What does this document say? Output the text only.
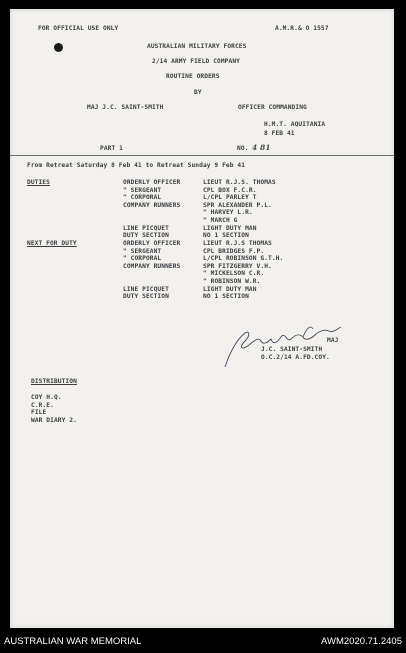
FOR OFFICIAL USE ONLY	A.M.R.& O 1557
AUSTRALIAN MILITARY FORCES
2/14 ARMY FIELD COMPANY
ROUTINE ORDERS
BY
MAJ J.C. SAINT-SMITH	OFFICER COMMANDING
H.M.T. AQUITANIA
8 FEB 41
PART 1	NO. 4 81
From Retreat Saturday 8 Feb 41 to Retreat Sunday 9 Feb 41
DUTIES	ORDERLY OFFICER	LIEUT R.J.S. THOMAS
" SERGEANT	CPL BOX F.C.R.
" CORPORAL	L/CPL PARLEY T
COMPANY RUNNERS	SPR ALEXANDER P.L.
" HARVEY L.R.
" MARCH G
LINE PICQUET	LIGHT DUTY MAN
DUTY SECTION	NO 1 SECTION
NEXT FOR DUTY	ORDERLY OFFICER	LIEUT R.J.S THOMAS
" SERGEANT	CPL BRIDGES F.P.
" CORPORAL	L/CPL ROBINSON G.T.H.
COMPANY RUNNERS	SPR FITZGERRY V.H.
" MICKELSON C.R.
" ROBINSON W.R.
LINE PICQUET	LIGHT DUTY MAN
DUTY SECTION	NO 1 SECTION
MAJ
J.C. SAINT-SMITH
O.C.2/14 A.FD.COY.
DISTRIBUTION
COY H.Q.
C.R.E.
FILE
WAR DIARY 2.
AUSTRALIAN WAR MEMORIAL	AWM2020.71.2405
